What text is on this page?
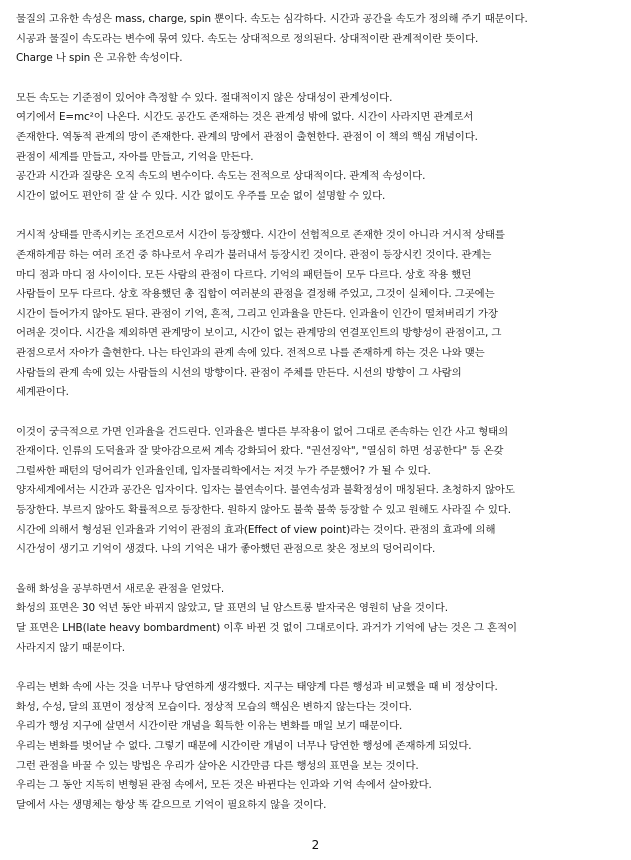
물질의 고유한 속성은 mass, charge, spin 뿐이다. 속도는 심각하다. 시간과 공간을 속도가 정의해 주기 때문이다.
시공과 물질이 속도라는 변수에 묶여 있다. 속도는 상대적으로 정의된다. 상대적이란 관계적이란 뜻이다.
Charge 나 spin 은 고유한 속성이다.
모든 속도는 기준점이 있어야 측정할 수 있다. 절대적이지 않은 상대성이 관계성이다.
여기에서 E=mc²이 나온다. 시간도 공간도 존재하는 것은 관계성 밖에 없다. 시간이 사라지면 관계로서
존재한다. 역동적 관계의 망이 존재한다. 관계의 망에서 관점이 출현한다. 관점이 이 책의 핵심 개념이다.
관점이 세계를 만들고, 자아를 만들고, 기억을 만든다.
공간과 시간과 질량은 오직 속도의 변수이다. 속도는 전적으로 상대적이다. 관계적 속성이다.
시간이 없어도 편안히 잘 살 수 있다. 시간 없이도 우주를 모순 없이 설명할 수 있다.
거시적 상태를 만족시키는 조건으로서 시간이 등장했다. 시간이 선험적으로 존재한 것이 아니라 거시적 상태를
존재하게끔 하는 여러 조건 중 하나로서 우리가 불러내서 등장시킨 것이다. 관점이 등장시킨 것이다. 관계는
마디 점과 마디 점 사이이다. 모든 사람의 관점이 다르다. 기억의 패턴들이 모두 다르다. 상호 작용 했던
사람들이 모두 다르다. 상호 작용했던 총 집합이 여러분의 관점을 결정해 주었고, 그것이 실체이다. 그곳에는
시간이 들어가지 않아도 된다. 관점이 기억, 흔적, 그리고 인과율을 만든다. 인과율이 인간이 떨쳐버리기 가장
어려운 것이다. 시간을 제외하면 관계망이 보이고, 시간이 없는 관계망의 연결포인트의 방향성이 관점이고, 그
관점으로서 자아가 출현한다. 나는 타인과의 관계 속에 있다. 전적으로 나를 존재하게 하는 것은 나와 맺는
사람들의 관계 속에 있는 사람들의 시선의 방향이다. 관점이 주체를 만든다. 시선의 방향이 그 사람의
세계관이다.
이것이 궁극적으로 가면 인과율을 건드린다. 인과율은 별다른 부작용이 없어 그대로 존속하는 인간 사고 형태의
잔재이다. 인류의 도덕율과 잘 맞아감으로써 계속 강화되어 왔다. "권선징악", "열심히 하면 성공한다" 등 온갖
그럴싸한 패턴의 덩어리가 인과율인데, 입자물리학에서는 저것 누가 주문했어? 가 될 수 있다.
양자세계에서는 시간과 공간은 입자이다. 입자는 불연속이다. 불연속성과 불확정성이 매칭된다. 초청하지 않아도
등장한다. 부르지 않아도 확률적으로 등장한다. 원하지 않아도 불쑥 불쑥 등장할 수 있고 원해도 사라질 수 있다.
시간에 의해서 형성된 인과율과 기억이 관점의 효과(Effect of view point)라는 것이다. 관점의 효과에 의해
시간성이 생기고 기억이 생겼다. 나의 기억은 내가 좋아했던 관점으로 찾은 정보의 덩어리이다.
올해 화성을 공부하면서 새로운 관점을 얻었다.
화성의 표면은 30 억년 동안 바뀌지 않았고, 달 표면의 닐 암스트롱 발자국은 영원히 남을 것이다.
달 표면은 LHB(late heavy bombardment) 이후 바뀐 것 없이 그대로이다. 과거가 기억에 남는 것은 그 흔적이
사라지지 않기 때문이다.
우리는 변화 속에 사는 것을 너무나 당연하게 생각했다. 지구는 태양계 다른 행성과 비교했을 때 비 정상이다.
화성, 수성, 달의 표면이 정상적 모습이다. 정상적 모습의 핵심은 변하지 않는다는 것이다.
우리가 행성 지구에 살면서 시간이란 개념을 획득한 이유는 변화를 매일 보기 때문이다.
우리는 변화를 벗어날 수 없다. 그렇기 때문에 시간이란 개념이 너무나 당연한 행성에 존재하게 되었다.
그런 관점을 바꿀 수 있는 방법은 우리가 살아온 시간만큼 다른 행성의 표면을 보는 것이다.
우리는 그 동안 지독히 변형된 관점 속에서, 모든 것은 바뀐다는 인과와 기억 속에서 살아왔다.
달에서 사는 생명체는 항상 똑 같으므로 기억이 필요하지 않을 것이다.
2
